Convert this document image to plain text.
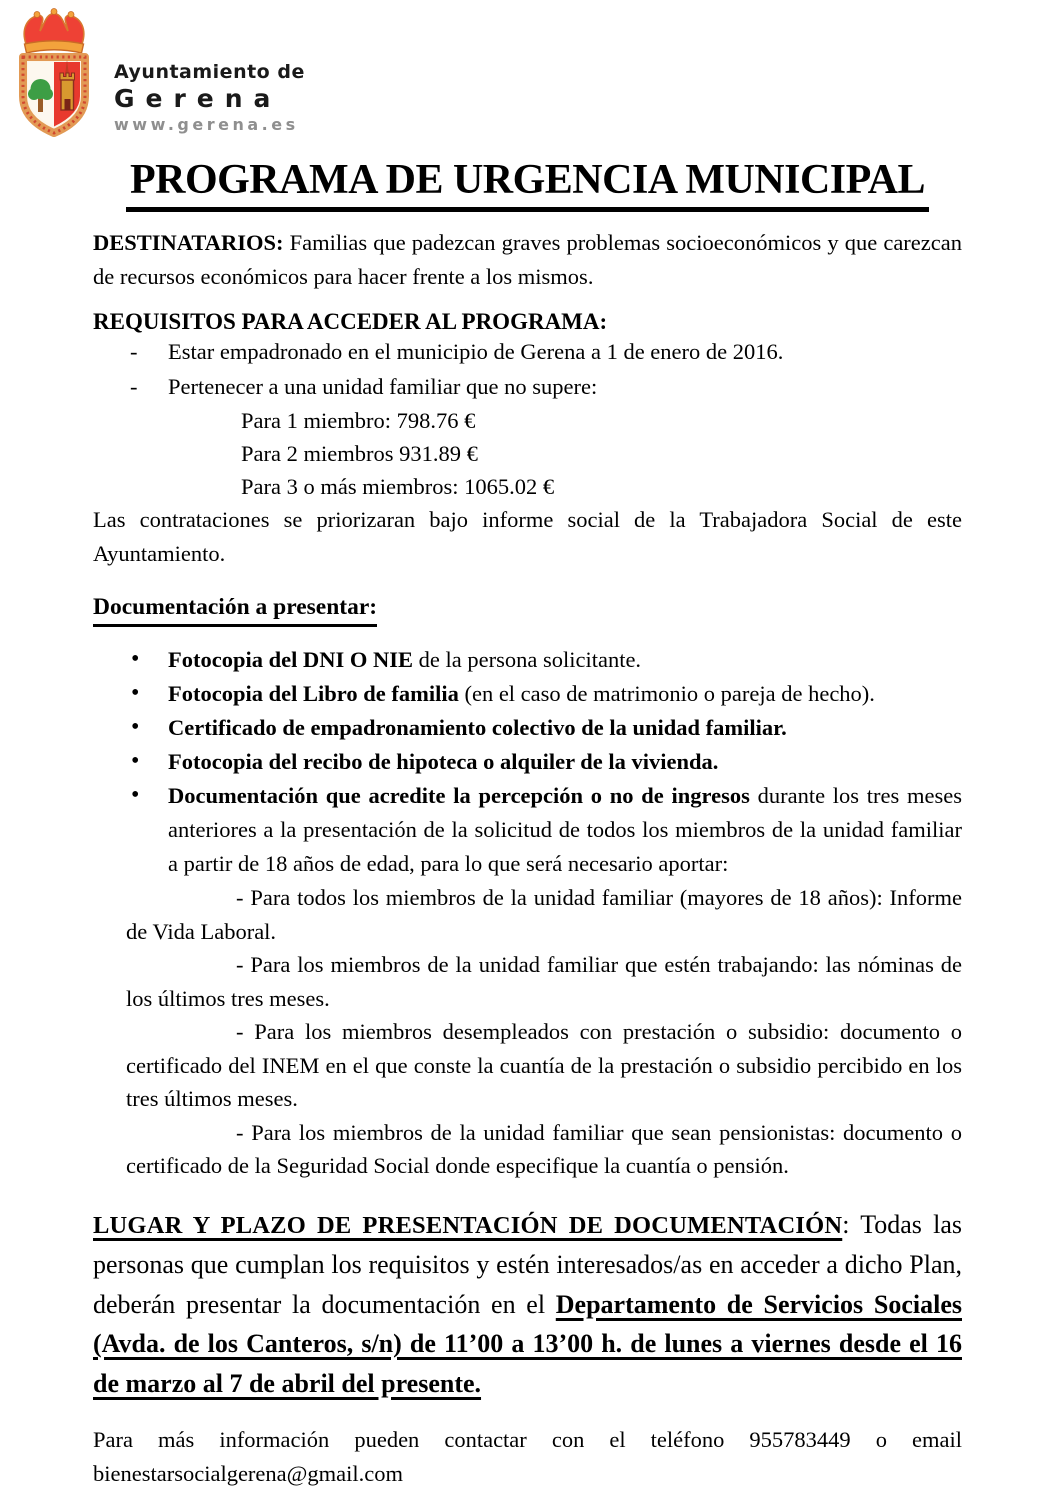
Ayuntamiento de
Gerena
www.gerena.es
PROGRAMA DE URGENCIA MUNICIPAL

DESTINATARIOS: Familias que padezcan graves problemas socioeconómicos y que carezcan de recursos económicos para hacer frente a los mismos.

REQUISITOS PARA ACCEDER AL PROGRAMA:

-	Estar empadronado en el municipio de Gerena a 1 de enero de 2016.
-	Pertenecer a una unidad familiar que no supere:
Para 1 miembro: 798.76 €
Para 2 miembros 931.89 €
Para 3 o más miembros: 1065.02 €

Las contrataciones se priorizaran bajo informe social de la Trabajadora Social de este Ayuntamiento.

Documentación a presentar:

• Fotocopia del DNI O NIE de la persona solicitante.
• Fotocopia del Libro de familia (en el caso de matrimonio o pareja de hecho).
• Certificado de empadronamiento colectivo de la unidad familiar.
• Fotocopia del recibo de hipoteca o alquiler de la vivienda.
• Documentación que acredite la percepción o no de ingresos durante los tres meses anteriores a la presentación de la solicitud de todos los miembros de la unidad familiar a partir de 18 años de edad, para lo que será necesario aportar:

- Para todos los miembros de la unidad familiar (mayores de 18 años): Informe de Vida Laboral.

- Para los miembros de la unidad familiar que estén trabajando: las nóminas de los últimos tres meses.

- Para los miembros desempleados con prestación o subsidio: documento o certificado del INEM en el que conste la cuantía de la prestación o subsidio percibido en los tres últimos meses.

- Para los miembros de la unidad familiar que sean pensionistas: documento o certificado de la Seguridad Social donde especifique la cuantía o pensión.

LUGAR Y PLAZO DE PRESENTACIÓN DE DOCUMENTACIÓN: Todas las personas que cumplan los requisitos y estén interesados/as en acceder a dicho Plan, deberán presentar la documentación en el Departamento de Servicios Sociales (Avda. de los Canteros, s/n) de 11’00 a 13’00 h. de lunes a viernes desde el 16 de marzo al 7 de abril del presente.

Para más información pueden contactar con el teléfono 955783449 o email bienestarsocialgerena@gmail.com
